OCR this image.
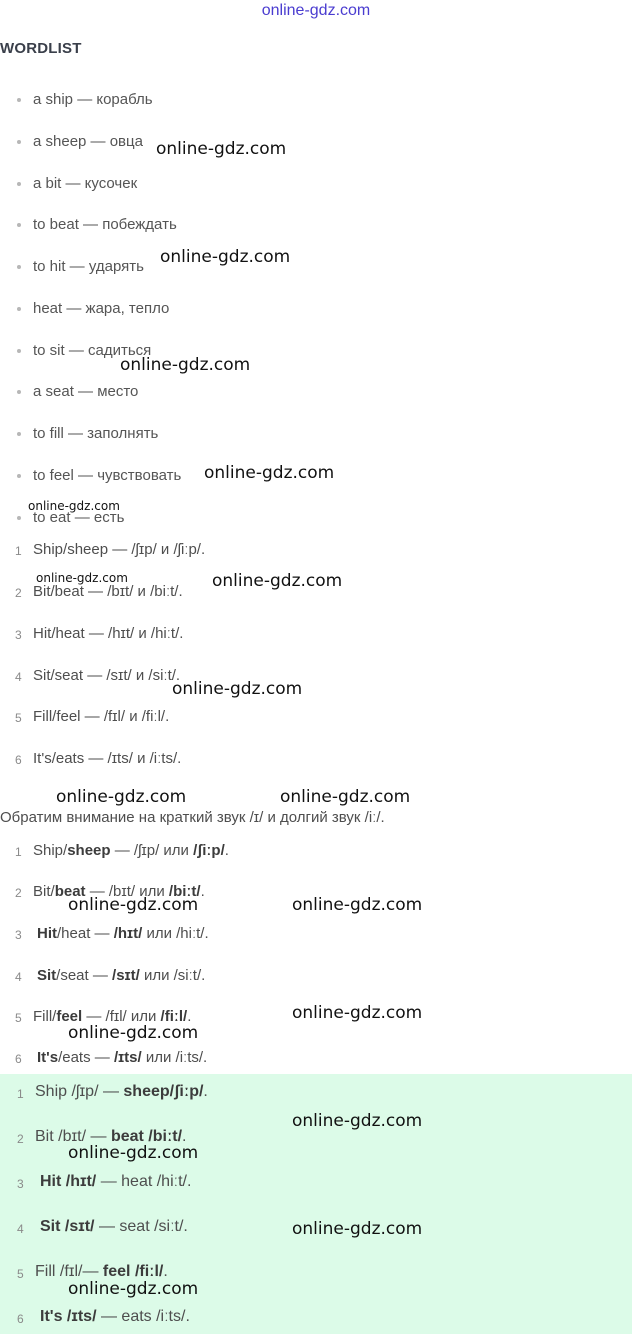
online-gdz.com
WORDLIST
a ship — корабль
a sheep — овца
a bit — кусочек
to beat — побеждать
to hit — ударять
heat — жара, тепло
to sit — садиться
a seat — место
to fill — заполнять
to feel — чувствовать
to eat — есть
1 Ship/sheep — /ʃɪp/ и /ʃiːp/.
2 Bit/beat — /bɪt/ и /biːt/.
3 Hit/heat — /hɪt/ и /hiːt/.
4 Sit/seat — /sɪt/ и /siːt/.
5 Fill/feel — /fɪl/ и /fiːl/.
6 It's/eats — /ɪts/ и /iːts/.
Обратим внимание на краткий звук /ɪ/ и долгий звук /iː/.
1 Ship/sheep — /ʃɪp/ или /ʃiːp/.
2 Bit/beat — /bɪt/ или /biːt/.
3 Hit/heat — /hɪt/ или /hiːt/.
4 Sit/seat — /sɪt/ или /siːt/.
5 Fill/feel — /fɪl/ или /fiːl/.
6 It's/eats — /ɪts/ или /iːts/.
1 Ship /ʃɪp/ — sheep/ʃiːp/.
2 Bit /bɪt/ — beat /biːt/.
3 Hit /hɪt/ — heat /hiːt/.
4 Sit /sɪt/ — seat /siːt/.
5 Fill /fɪl/— feel /fiːl/.
6 It's /ɪts/ — eats /iːts/.
online-gdz.com
online-gdz.com
online-gdz.com
online-gdz.com
online-gdz.com
online-gdz.com	online-gdz.com
online-gdz.com
online-gdz.com	online-gdz.com
online-gdz.com	online-gdz.com
online-gdz.com
online-gdz.com
online-gdz.com
online-gdz.com
online-gdz.com
online-gdz.com
